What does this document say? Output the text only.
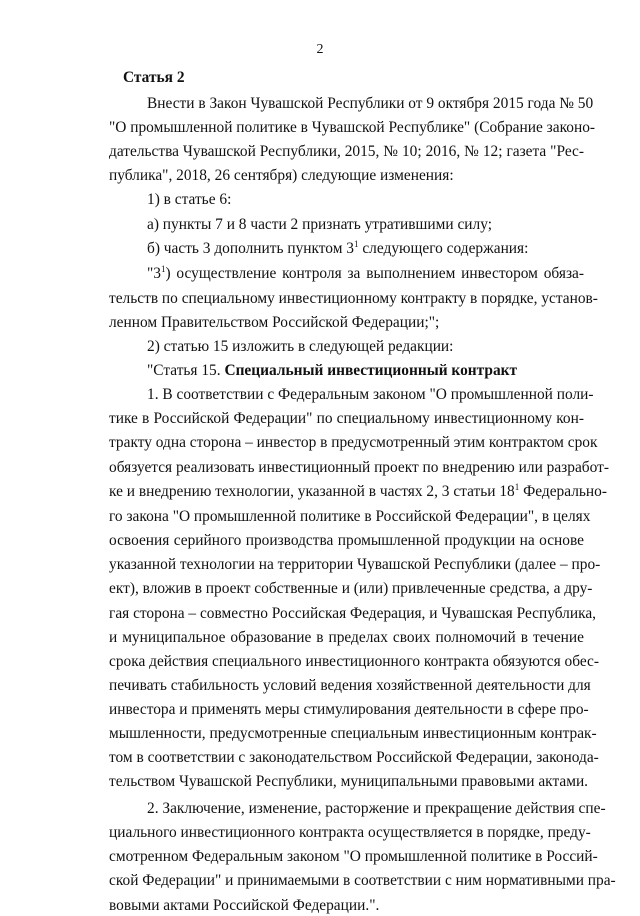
2
Статья 2
Внести в Закон Чувашской Республики от 9 октября 2015 года № 50
"О промышленной политике в Чувашской Республике" (Собрание законо-
дательства Чувашской Республики, 2015, № 10; 2016, № 12; газета "Рес-
публика", 2018, 26 сентября) следующие изменения:
1) в статье 6:
а) пункты 7 и 8 части 2 признать утратившими силу;
б) часть 3 дополнить пунктом $3^1$ следующего содержания:
"$3^1$) осуществление контроля за выполнением инвестором обяза-
тельств по специальному инвестиционному контракту в порядке, установ-
ленном Правительством Российской Федерации;";
2) статью 15 изложить в следующей редакции:
"Статья 15. Специальный инвестиционный контракт
1. В соответствии с Федеральным законом "О промышленной поли-
тике в Российской Федерации" по специальному инвестиционному кон-
тракту одна сторона – инвестор в предусмотренный этим контрактом срок
обязуется реализовать инвестиционный проект по внедрению или разработ-
ке и внедрению технологии, указанной в частях 2, 3 статьи $18^1$ Федерально-
го закона "О промышленной политике в Российской Федерации", в целях
освоения серийного производства промышленной продукции на основе
указанной технологии на территории Чувашской Республики (далее – про-
ект), вложив в проект собственные и (или) привлеченные средства, а дру-
гая сторона – совместно Российская Федерация, и Чувашская Республика,
и муниципальное образование в пределах своих полномочий в течение
срока действия специального инвестиционного контракта обязуются обес-
печивать стабильность условий ведения хозяйственной деятельности для
инвестора и применять меры стимулирования деятельности в сфере про-
мышленности, предусмотренные специальным инвестиционным контрак-
том в соответствии с законодательством Российской Федерации, законода-
тельством Чувашской Республики, муниципальными правовыми актами.
2. Заключение, изменение, расторжение и прекращение действия спе-
циального инвестиционного контракта осуществляется в порядке, преду-
смотренном Федеральным законом "О промышленной политике в Россий-
ской Федерации" и принимаемыми в соответствии с ним нормативными пра-
вовыми актами Российской Федерации.".
